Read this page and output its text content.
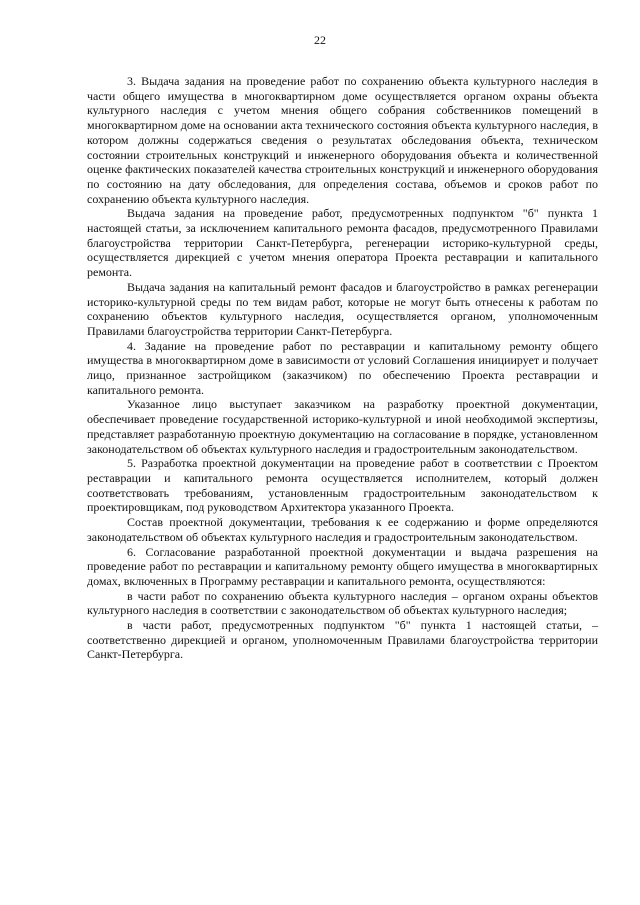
22

3. Выдача задания на проведение работ по сохранению объекта культурного наследия в части общего имущества в многоквартирном доме осуществляется органом охраны объекта культурного наследия с учетом мнения общего собрания собственников помещений в многоквартирном доме на основании акта технического состояния объекта культурного наследия, в котором должны содержаться сведения о результатах обследования объекта, техническом состоянии строительных конструкций и инженерного оборудования объекта и количественной оценке фактических показателей качества строительных конструкций и инженерного оборудования по состоянию на дату обследования, для определения состава, объемов и сроков работ по сохранению объекта культурного наследия.

Выдача задания на проведение работ, предусмотренных подпунктом "б" пункта 1 настоящей статьи, за исключением капитального ремонта фасадов, предусмотренного Правилами благоустройства территории Санкт-Петербурга, регенерации историко-культурной среды, осуществляется дирекцией с учетом мнения оператора Проекта реставрации и капитального ремонта.

Выдача задания на капитальный ремонт фасадов и благоустройство в рамках регенерации историко-культурной среды по тем видам работ, которые не могут быть отнесены к работам по сохранению объектов культурного наследия, осуществляется органом, уполномоченным Правилами благоустройства территории Санкт-Петербурга.

4. Задание на проведение работ по реставрации и капитальному ремонту общего имущества в многоквартирном доме в зависимости от условий Соглашения инициирует и получает лицо, признанное застройщиком (заказчиком) по обеспечению Проекта реставрации и капитального ремонта.

Указанное лицо выступает заказчиком на разработку проектной документации, обеспечивает проведение государственной историко-культурной и иной необходимой экспертизы, представляет разработанную проектную документацию на согласование в порядке, установленном законодательством об объектах культурного наследия и градостроительным законодательством.

5. Разработка проектной документации на проведение работ в соответствии с Проектом реставрации и капитального ремонта осуществляется исполнителем, который должен соответствовать требованиям, установленным градостроительным законодательством к проектировщикам, под руководством Архитектора указанного Проекта.

Состав проектной документации, требования к ее содержанию и форме определяются законодательством об объектах культурного наследия и градостроительным законодательством.

6. Согласование разработанной проектной документации и выдача разрешения на проведение работ по реставрации и капитальному ремонту общего имущества в многоквартирных домах, включенных в Программу реставрации и капитального ремонта, осуществляются:

в части работ по сохранению объекта культурного наследия – органом охраны объектов культурного наследия в соответствии с законодательством об объектах культурного наследия;

в части работ, предусмотренных подпунктом "б" пункта 1 настоящей статьи, – соответственно дирекцией и органом, уполномоченным Правилами благоустройства территории Санкт-Петербурга.
